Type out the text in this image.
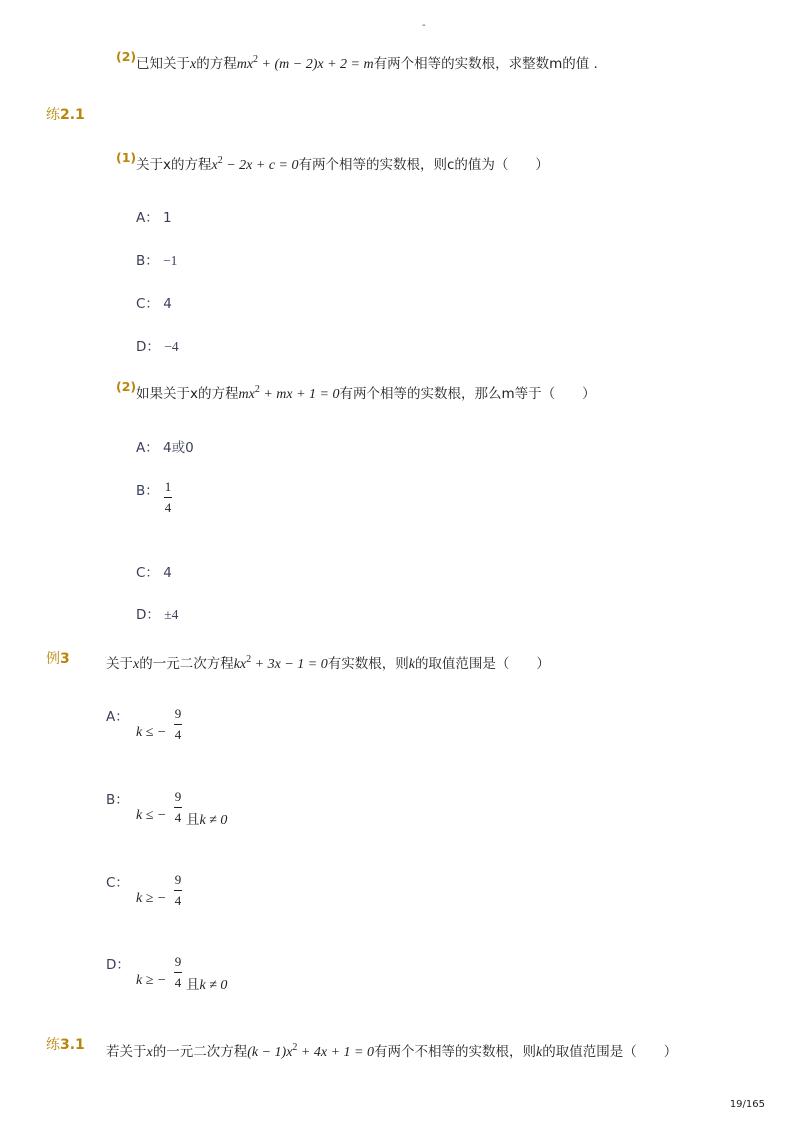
-
(2) 已知关于x的方程$mx^2 + (m - 2)x + 2 = m$有两个相等的实数根，求整数m的值 .
练2.1
(1) 关于x的方程$x^2 - 2x + c = 0$有两个相等的实数根，则c的值为（　　）
A： 1
B： −1
C： 4
D： −4
(2) 如果关于x的方程$mx^2$ + mx + 1 = 0有两个相等的实数根，那么m等于（　　）
A： 4或0
B： $\frac{1}{4}$
C： 4
D： ±4
例3	关于x的一元二次方程$kx^2 + 3x - 1 = 0$有实数根，则k的取值范围是（　　）
A：
k ≤ − $\frac{9}{4}$
B：
k ≤ − $\frac{9}{4}$ 且k ≠ 0
C：
k ≥ − $\frac{9}{4}$
D：
k ≥ − $\frac{9}{4}$ 且k ≠ 0
练3.1 若关于x的一元二次方程$(k - 1)x^2 + 4x + 1 = 0$有两个不相等的实数根，则k的取值范围是（　　）
19/165
